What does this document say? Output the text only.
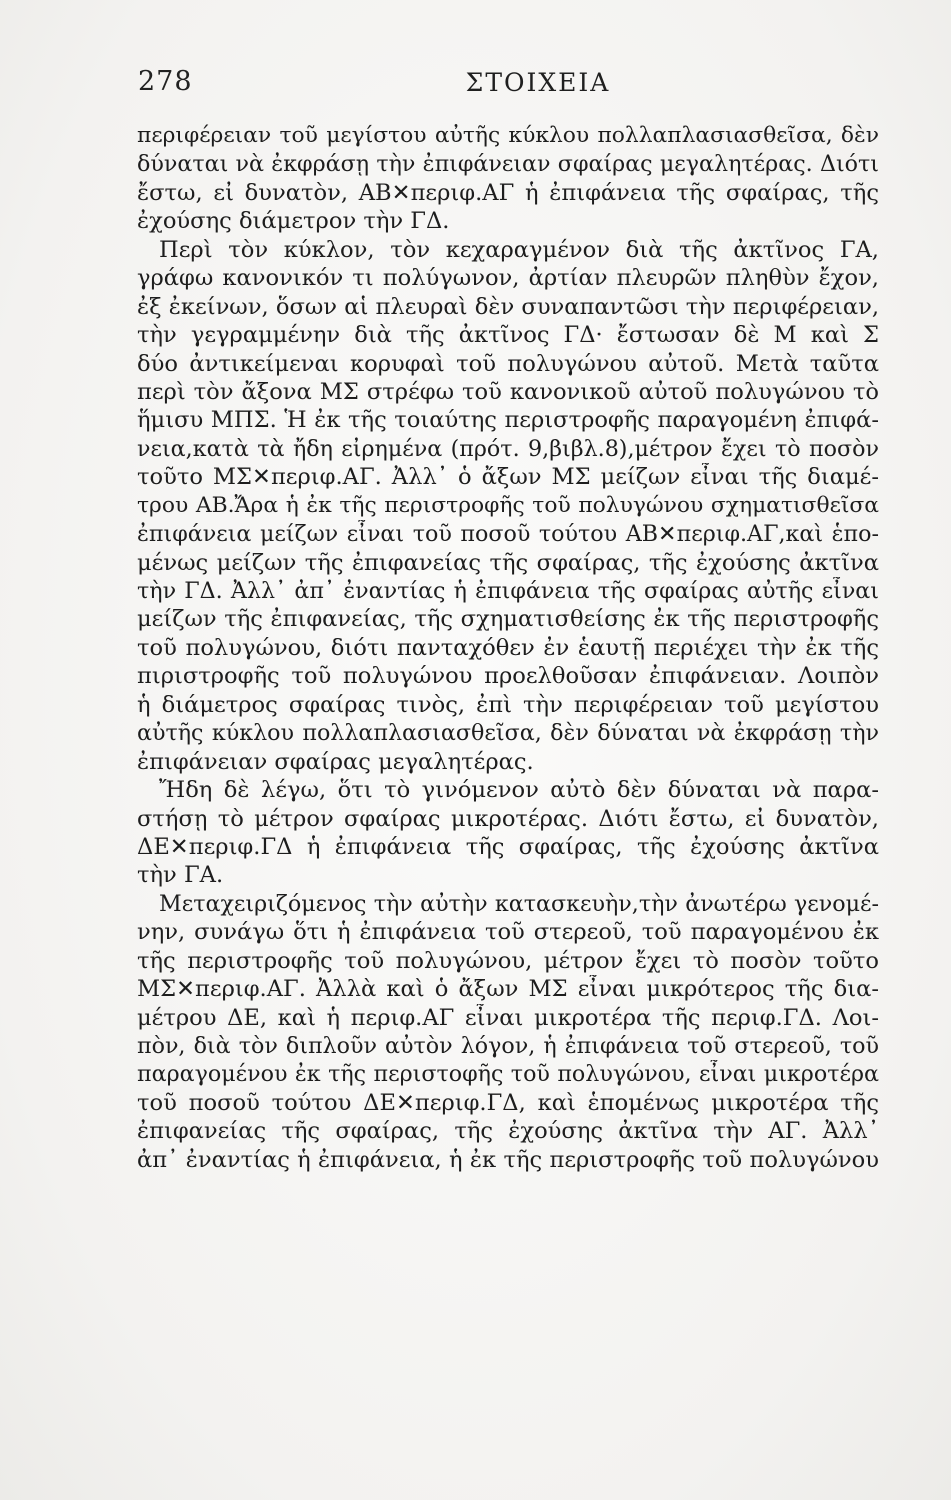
278	ΣΤΟΙΧΕΙΑ
περιφέρειαν τοῦ μεγίστου αὐτῆς κύκλου πολλαπλασιασθεῖσα, δὲν
δύναται νὰ ἐκφράσῃ τὴν ἐπιφάνειαν σφαίρας μεγαλητέρας. Διότι
ἔστω, εἰ δυνατὸν, ΑΒ✕περιφ.ΑΓ ἡ ἐπιφάνεια τῆς σφαίρας, τῆς
ἐχούσης διάμετρον τὴν ΓΔ.
Περὶ τὸν κύκλον, τὸν κεχαραγμένον διὰ τῆς ἀκτῖνος ΓΑ,
γράφω κανονικόν τι πολύγωνον, ἀρτίαν πλευρῶν πληθὺν ἔχον,
ἐξ ἐκείνων, ὅσων αἱ πλευραὶ δὲν συναπαντῶσι τὴν περιφέρειαν,
τὴν γεγραμμένην διὰ τῆς ἀκτῖνος ΓΔ· ἔστωσαν δὲ Μ καὶ Σ
δύο ἀντικείμεναι κορυφαὶ τοῦ πολυγώνου αὐτοῦ. Μετὰ ταῦτα
περὶ τὸν ἄξονα ΜΣ στρέφω τοῦ κανονικοῦ αὐτοῦ πολυγώνου τὸ
ἥμισυ ΜΠΣ. Ἡ ἐκ τῆς τοιαύτης περιστροφῆς παραγομένη ἐπιφά-
νεια,κατὰ τὰ ἤδη εἰρημένα (πρότ. 9,βιβλ.8),μέτρον ἔχει τὸ ποσὸν
τοῦτο ΜΣ✕περιφ.ΑΓ. Ἀλλ᾽ ὁ ἄξων ΜΣ μείζων εἶναι τῆς διαμέ-
τρου ΑΒ.Ἄρα ἡ ἐκ τῆς περιστροφῆς τοῦ πολυγώνου σχηματισθεῖσα
ἐπιφάνεια μείζων εἶναι τοῦ ποσοῦ τούτου ΑΒ✕περιφ.ΑΓ,καὶ ἑπο-
μένως μείζων τῆς ἐπιφανείας τῆς σφαίρας, τῆς ἐχούσης ἀκτῖνα
τὴν ΓΔ. Ἀλλ᾽ ἀπ᾽ ἐναντίας ἡ ἐπιφάνεια τῆς σφαίρας αὐτῆς εἶναι
μείζων τῆς ἐπιφανείας, τῆς σχηματισθείσης ἐκ τῆς περιστροφῆς
τοῦ πολυγώνου, διότι πανταχόθεν ἐν ἑαυτῇ περιέχει τὴν ἐκ τῆς
πιριστροφῆς τοῦ πολυγώνου προελθοῦσαν ἐπιφάνειαν. Λοιπὸν
ἡ διάμετρος σφαίρας τινὸς, ἐπὶ τὴν περιφέρειαν τοῦ μεγίστου
αὐτῆς κύκλου πολλαπλασιασθεῖσα, δὲν δύναται νὰ ἐκφράσῃ τὴν
ἐπιφάνειαν σφαίρας μεγαλητέρας.
Ἤδη δὲ λέγω, ὅτι τὸ γινόμενον αὐτὸ δὲν δύναται νὰ παρα-
στήσῃ τὸ μέτρον σφαίρας μικροτέρας. Διότι ἔστω, εἰ δυνατὸν,
ΔΕ✕περιφ.ΓΔ ἡ ἐπιφάνεια τῆς σφαίρας, τῆς ἐχούσης ἀκτῖνα
τὴν ΓΑ.
Μεταχειριζόμενος τὴν αὐτὴν κατασκευὴν,τὴν ἀνωτέρω γενομέ-
νην, συνάγω ὅτι ἡ ἐπιφάνεια τοῦ στερεοῦ, τοῦ παραγομένου ἐκ
τῆς περιστροφῆς τοῦ πολυγώνου, μέτρον ἔχει τὸ ποσὸν τοῦτο
ΜΣ✕περιφ.ΑΓ. Ἀλλὰ καὶ ὁ ἄξων ΜΣ εἶναι μικρότερος τῆς δια-
μέτρου ΔΕ, καὶ ἡ περιφ.ΑΓ εἶναι μικροτέρα τῆς περιφ.ΓΔ. Λοι-
πὸν, διὰ τὸν διπλοῦν αὐτὸν λόγον, ἡ ἐπιφάνεια τοῦ στερεοῦ, τοῦ
παραγομένου ἐκ τῆς περιστοφῆς τοῦ πολυγώνου, εἶναι μικροτέρα
τοῦ ποσοῦ τούτου ΔΕ✕περιφ.ΓΔ, καὶ ἑπομένως μικροτέρα τῆς
ἐπιφανείας τῆς σφαίρας, τῆς ἐχούσης ἀκτῖνα τὴν ΑΓ. Ἀλλ᾽
ἀπ᾽ ἐναντίας ἡ ἐπιφάνεια, ἡ ἐκ τῆς περιστροφῆς τοῦ πολυγώνου
